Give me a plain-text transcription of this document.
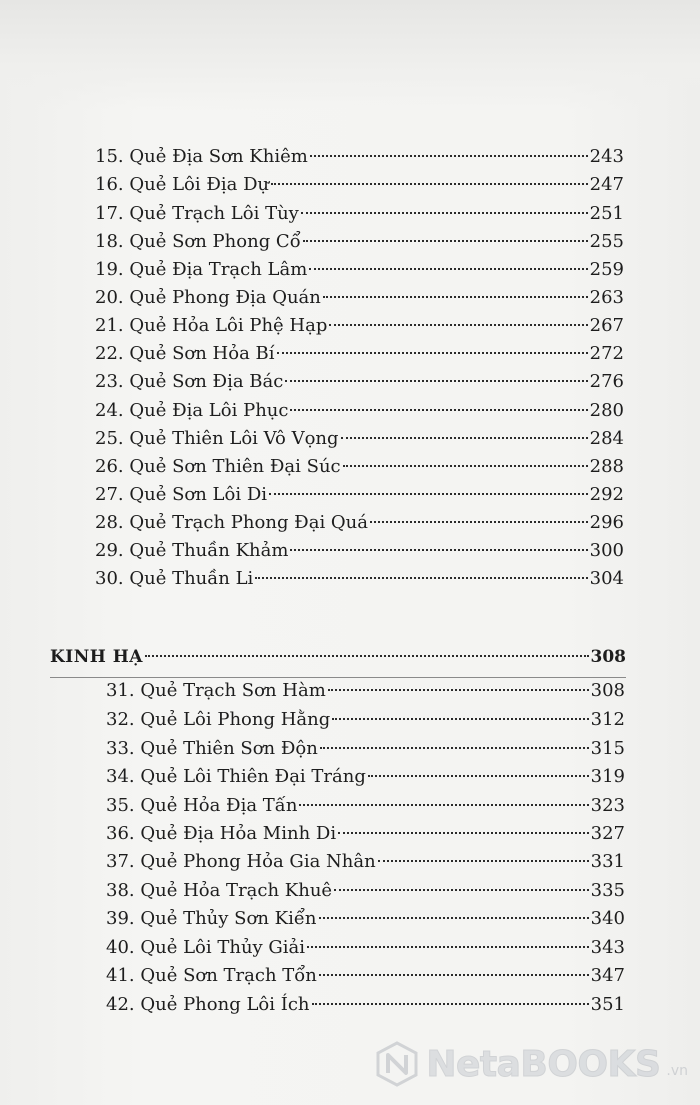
15. Quẻ Địa Sơn Khiêm	243
16. Quẻ Lôi Địa Dự	247
17. Quẻ Trạch Lôi Tùy	251
18. Quẻ Sơn Phong Cổ	255
19. Quẻ Địa Trạch Lâm	259
20. Quẻ Phong Địa Quán	263
21. Quẻ Hỏa Lôi Phệ Hạp	267
22. Quẻ Sơn Hỏa Bí	272
23. Quẻ Sơn Địa Bác	276
24. Quẻ Địa Lôi Phục	280
25. Quẻ Thiên Lôi Vô Vọng	284
26. Quẻ Sơn Thiên Đại Súc	288
27. Quẻ Sơn Lôi Di	292
28. Quẻ Trạch Phong Đại Quá	296
29. Quẻ Thuần Khảm	300
30. Quẻ Thuần Li	304
KINH HẠ	308
31. Quẻ Trạch Sơn Hàm	308
32. Quẻ Lôi Phong Hằng	312
33. Quẻ Thiên Sơn Độn	315
34. Quẻ Lôi Thiên Đại Tráng	319
35. Quẻ Hỏa Địa Tấn	323
36. Quẻ Địa Hỏa Minh Di	327
37. Quẻ Phong Hỏa Gia Nhân	331
38. Quẻ Hỏa Trạch Khuê	335
39. Quẻ Thủy Sơn Kiển	340
40. Quẻ Lôi Thủy Giải	343
41. Quẻ Sơn Trạch Tổn	347
42. Quẻ Phong Lôi Ích	351
NetaBOOKS .vn
